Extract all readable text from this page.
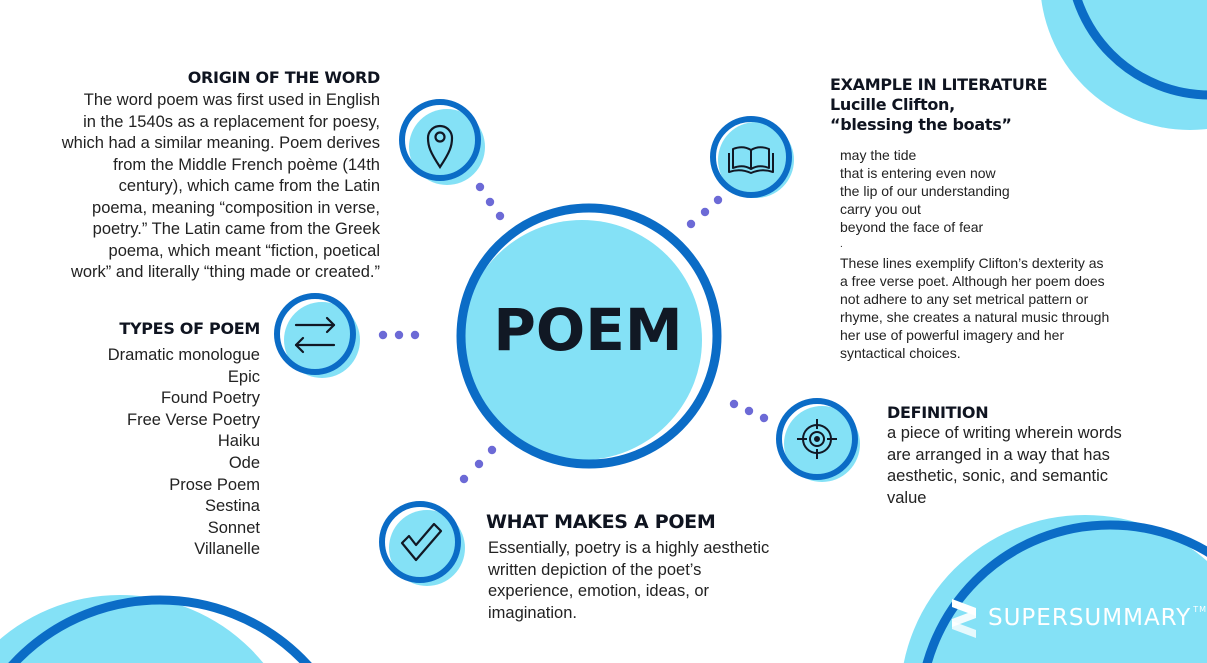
POEM
ORIGIN OF THE WORD
The word poem was first used in English
in the 1540s as a replacement for poesy,
which had a similar meaning. Poem derives
from the Middle French poème (14th
century), which came from the Latin
poema, meaning “composition in verse,
poetry.” The Latin came from the Greek
poema, which meant “fiction, poetical
work” and literally “thing made or created.”
TYPES OF POEM
Dramatic monologue
Epic
Found Poetry
Free Verse Poetry
Haiku
Ode
Prose Poem
Sestina
Sonnet
Villanelle
EXAMPLE IN LITERATURE
Lucille Clifton,
“blessing the boats”
may the tide
that is entering even now
the lip of our understanding
carry you out
beyond the face of fear
.
These lines exemplify Clifton’s dexterity as
a free verse poet. Although her poem does
not adhere to any set metrical pattern or
rhyme, she creates a natural music through
her use of powerful imagery and her
syntactical choices.
DEFINITION
a piece of writing wherein words
are arranged in a way that has
aesthetic, sonic, and semantic
value
WHAT MAKES A POEM
Essentially, poetry is a highly aesthetic
written depiction of the poet’s
experience, emotion, ideas, or
imagination.	SUPERSUMMARY ™
